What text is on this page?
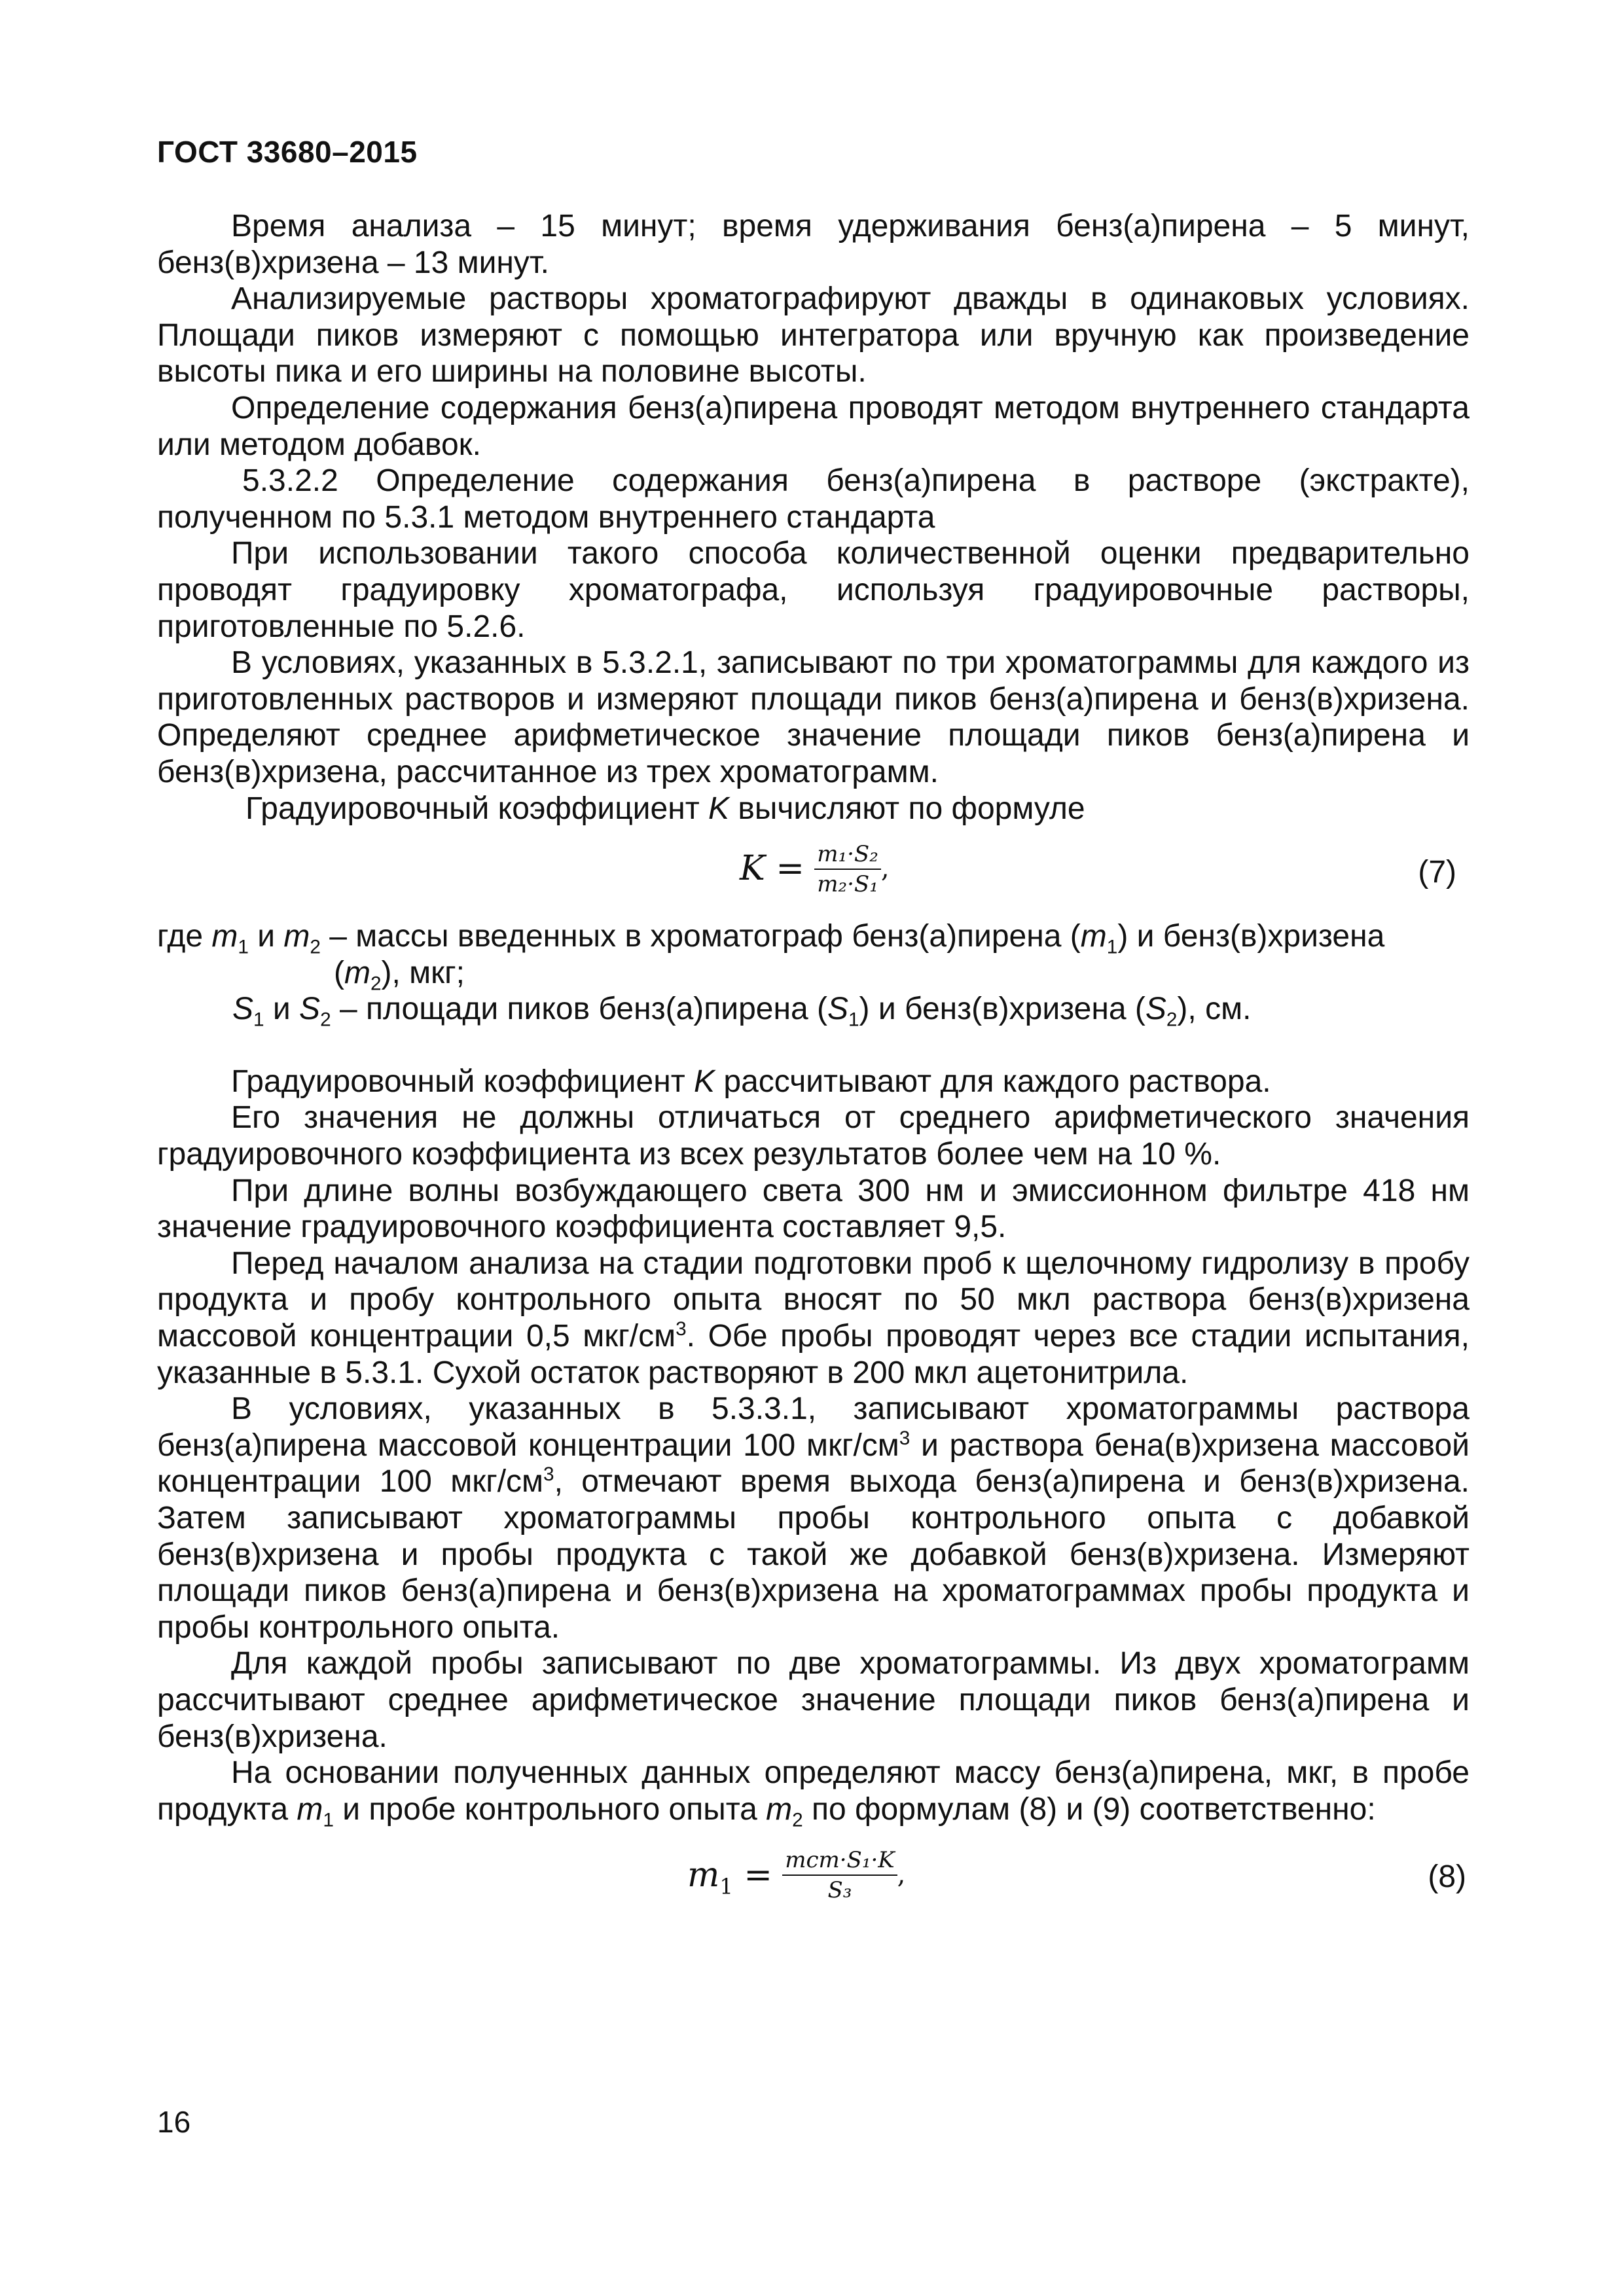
ГОСТ 33680–2015

Время анализа – 15 минут; время удерживания бенз(а)пирена – 5 минут, бенз(в)хризена – 13 минут.

Анализируемые растворы хроматографируют дважды в одинаковых условиях. Площади пиков измеряют с помощью интегратора или вручную как произведение высоты пика и его ширины на половине высоты.

Определение содержания бенз(а)пирена проводят методом внутреннего стандарта или методом добавок.

5.3.2.2 Определение содержания бенз(а)пирена в растворе (экстракте), полученном по 5.3.1 методом внутреннего стандарта

При использовании такого способа количественной оценки предварительно проводят градуировку хроматографа, используя градуировочные растворы, приготовленные по 5.2.6.

В условиях, указанных в 5.3.2.1, записывают по три хроматограммы для каждого из приготовленных растворов и измеряют площади пиков бенз(а)пирена и бенз(в)хризена. Определяют среднее арифметическое значение площади пиков бенз(а)пирена и бенз(в)хризена, рассчитанное из трех хроматограмм.

Градуировочный коэффициент K вычисляют по формуле

$K = \frac{\text{m₁·S₂}}{\text{m₂·S₁}}$ ,	(7)

где $m_1$ и $m_2$ – массы введенных в хроматограф бенз(а)пирена $(m_1)$ и бенз(в)хризена

$(m_2)$, мкг;

$S_1$ и $S_2$ – площади пиков бенз(а)пирена $(S_1)$ и бенз(в)хризена $(S_2)$, см.

Градуировочный коэффициент K рассчитывают для каждого раствора.

Его значения не должны отличаться от среднего арифметического значения градуировочного коэффициента из всех результатов более чем на 10 %.

При длине волны возбуждающего света 300 нм и эмиссионном фильтре 418 нм значение градуировочного коэффициента составляет 9,5.

Перед началом анализа на стадии подготовки проб к щелочному гидролизу в пробу продукта и пробу контрольного опыта вносят по 50 мкл раствора бенз(в)хризена массовой концентрации 0,5 мкг/$см^3$. Обе пробы проводят через все стадии испытания, указанные в 5.3.1. Сухой остаток растворяют в 200 мкл ацетонитрила.

В условиях, указанных в 5.3.3.1, записывают хроматограммы раствора бенз(а)пирена массовой концентрации 100 мкг/$см^3$ и раствора бена(в)хризена массовой концентрации 100 мкг/$см^3$, отмечают время выхода бенз(а)пирена и бенз(в)хризена. Затем записывают хроматограммы пробы контрольного опыта с добавкой бенз(в)хризена и пробы продукта с такой же добавкой бенз(в)хризена. Измеряют площади пиков бенз(а)пирена и бенз(в)хризена на хроматограммах пробы продукта и пробы контрольного опыта.

Для каждой пробы записывают по две хроматограммы. Из двух хроматограмм рассчитывают среднее арифметическое значение площади пиков бенз(а)пирена и бенз(в)хризена.

На основании полученных данных определяют массу бенз(а)пирена, мкг, в пробе продукта $m_1$ и пробе контрольного опыта $m_2$ по формулам (8) и (9) соответственно:

$m_1 = \frac{\text{mст·S₁·K}}{\text{S₃}}$ ,	(8)
16
